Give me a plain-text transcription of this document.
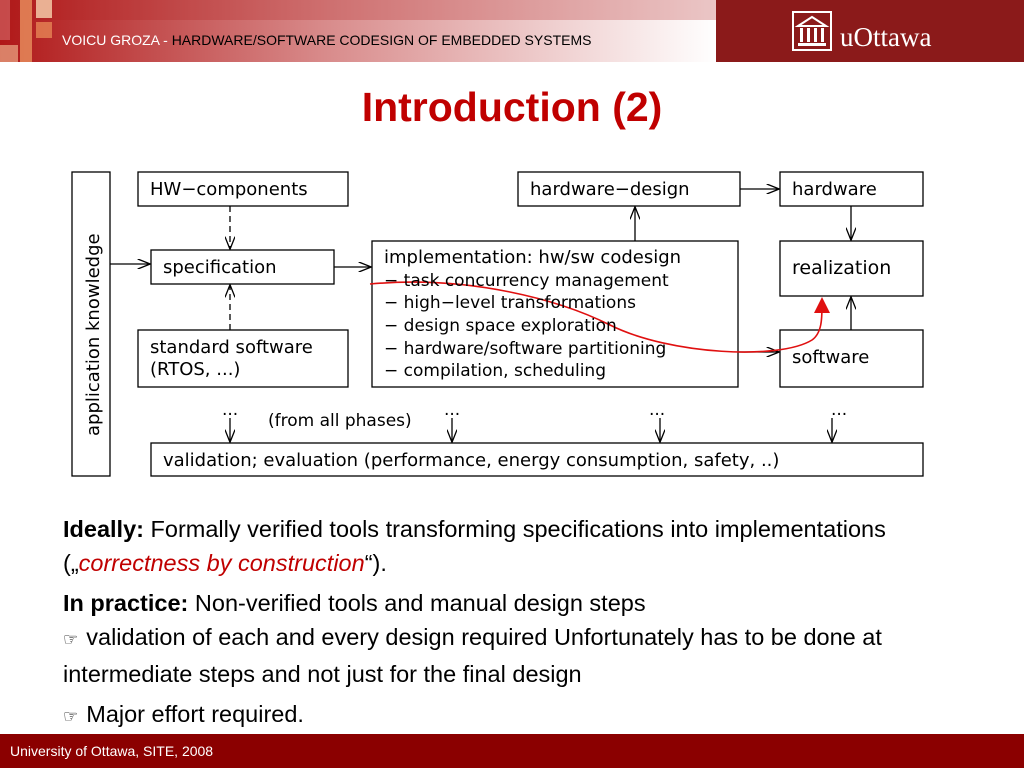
VOICU GROZA - HARDWARE/SOFTWARE CODESIGN OF EMBEDDED SYSTEMS	uOttawa
Introduction (2)
application knowledge
HW−components
specification
standard software
(RTOS, ...)
hardware−design	hardware
realization
software
implementation: hw/sw codesign
− task concurrency management
− high−level transformations
− design space exploration
− hardware/software partitioning
− compilation, scheduling
...
(from all phases)
...	...	...
validation; evaluation (performance, energy consumption, safety, ..)

Ideally: Formally verified tools transforming specifications into implementations („correctness by construction“).

In practice: Non-verified tools and manual design steps

☞ validation of each and every design required Unfortunately has to be done at intermediate steps and not just for the final design

☞ Major effort required.

University of Ottawa, SITE, 2008
